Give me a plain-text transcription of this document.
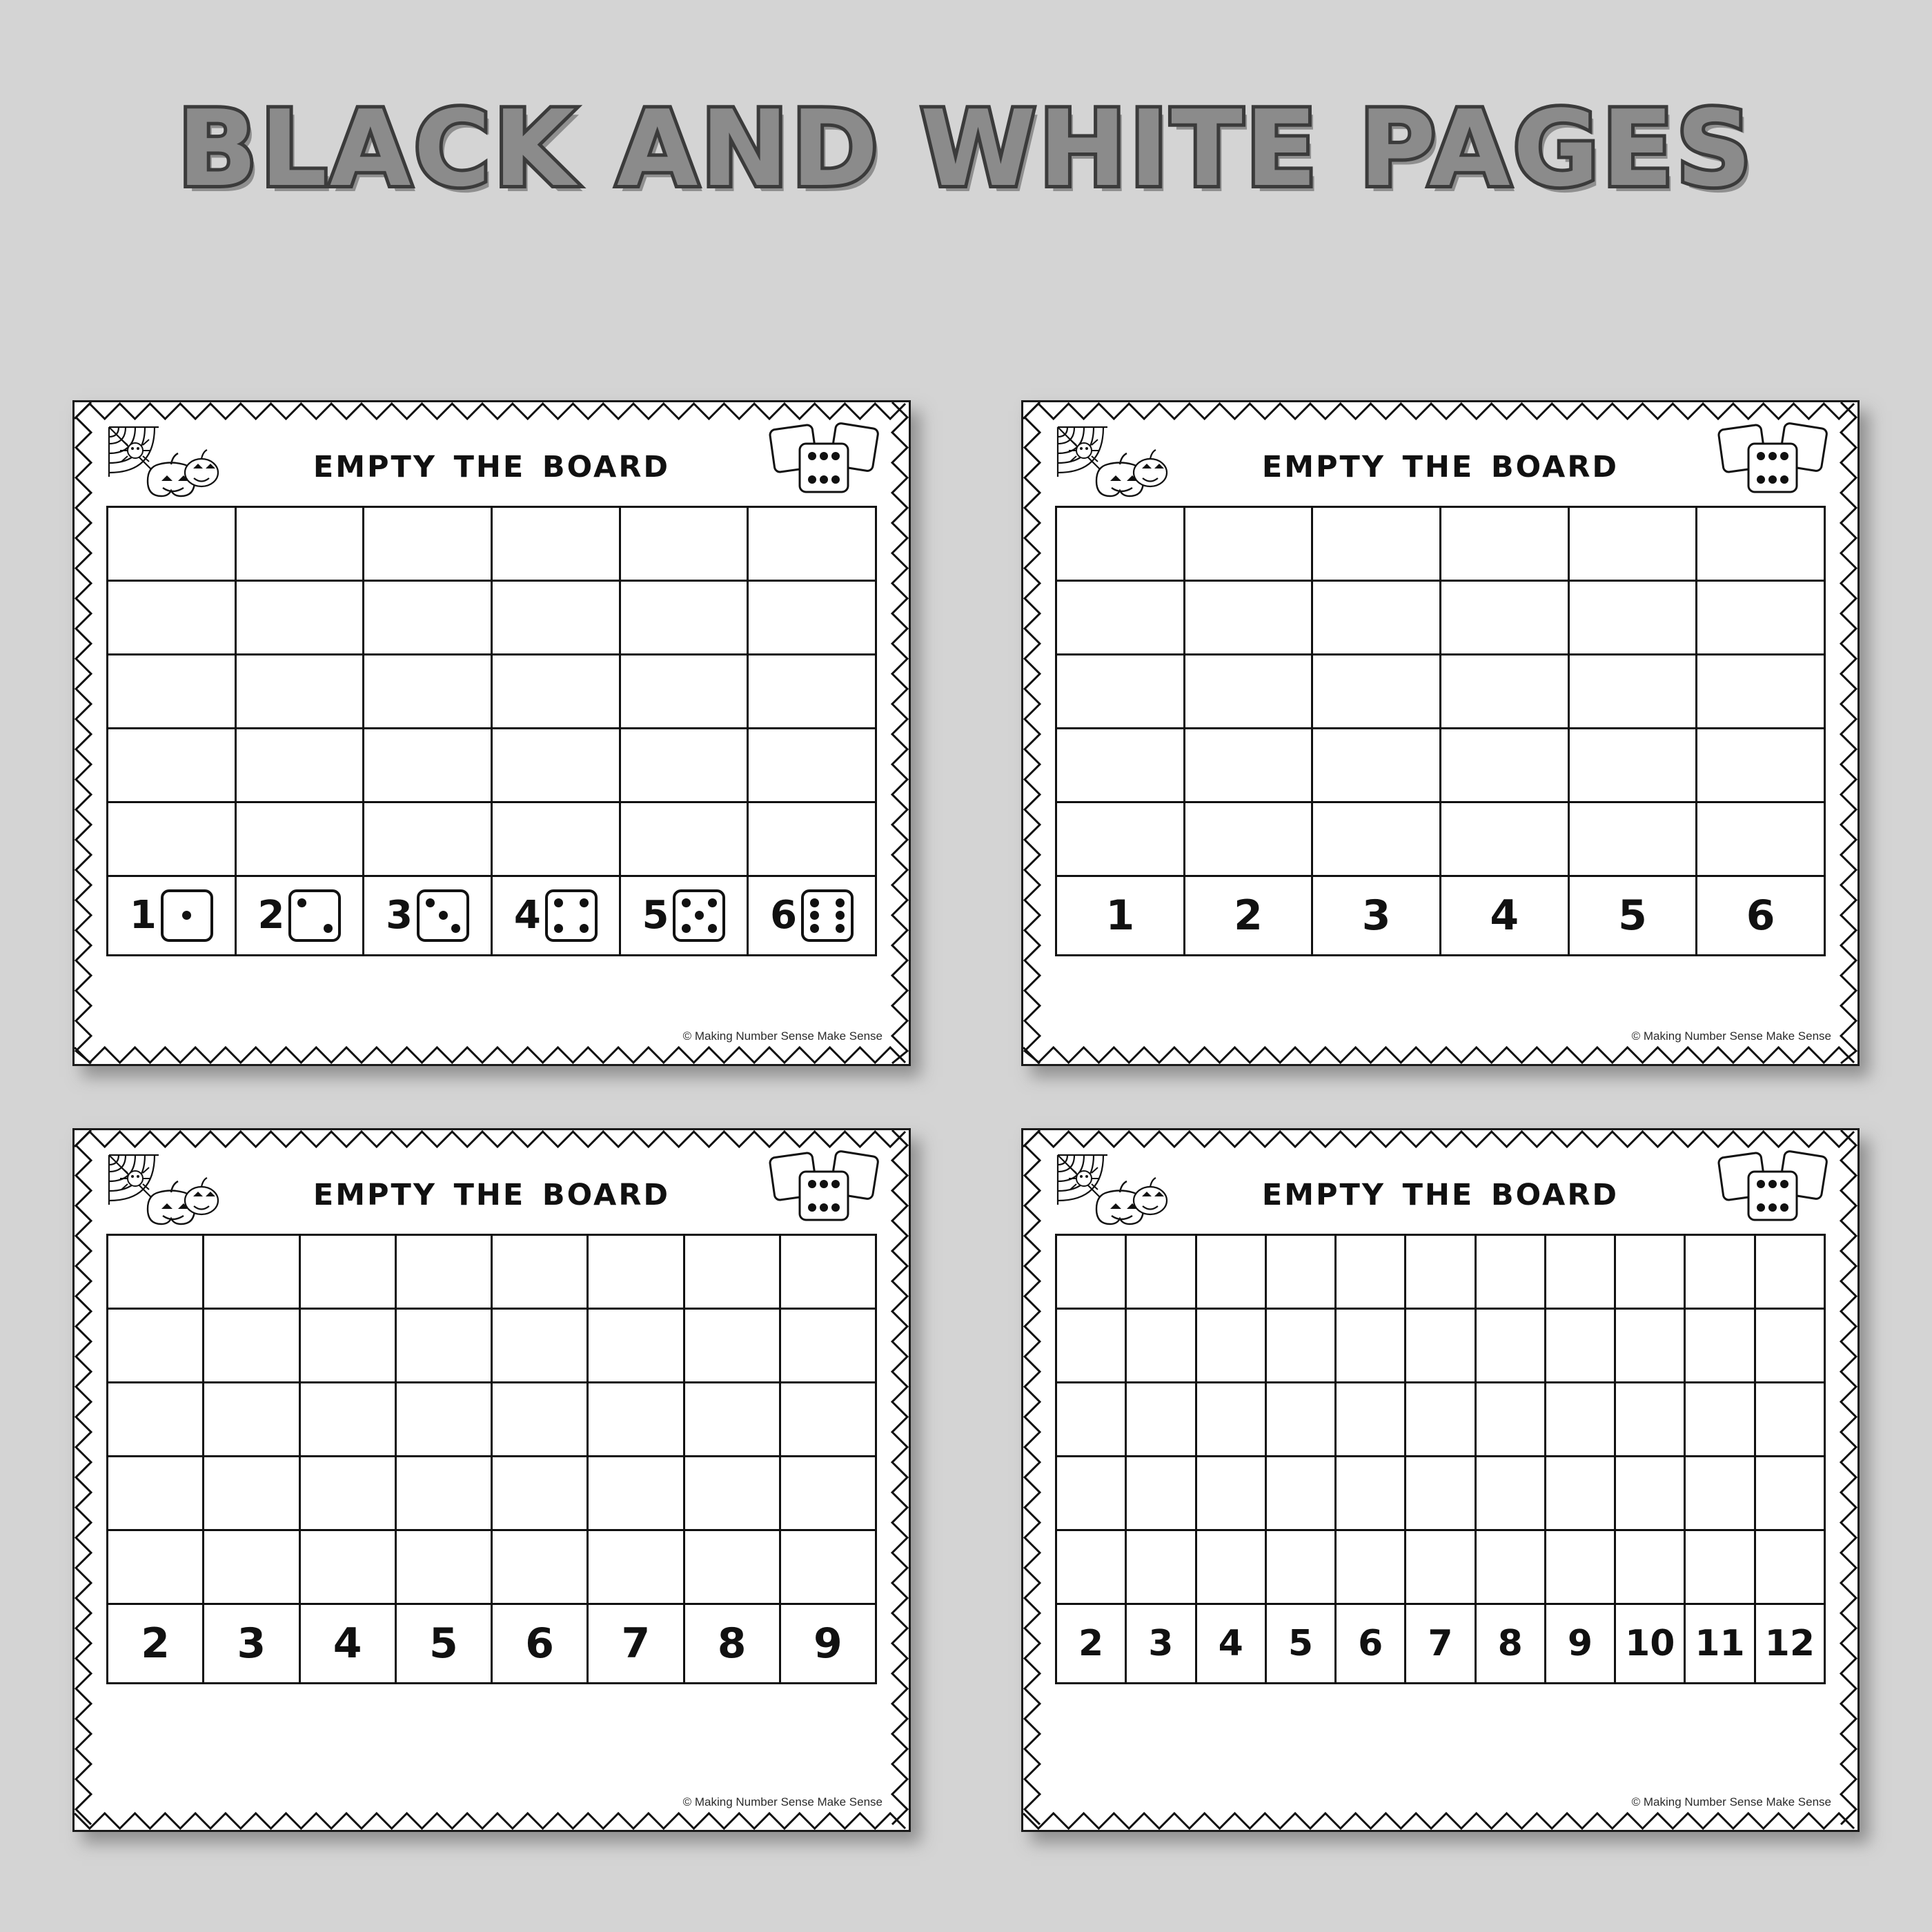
BLACK AND WHITE PAGES
empty the board

1	2	3	4	5	6
© Making Number Sense Make Sense
empty the board

1	2	3	4	5	6
© Making Number Sense Make Sense
empty the board

2	3	4	5	6	7	8	9
© Making Number Sense Make Sense
empty the board

2	3	4	5	6	7	8	9	10	11	12
© Making Number Sense Make Sense
